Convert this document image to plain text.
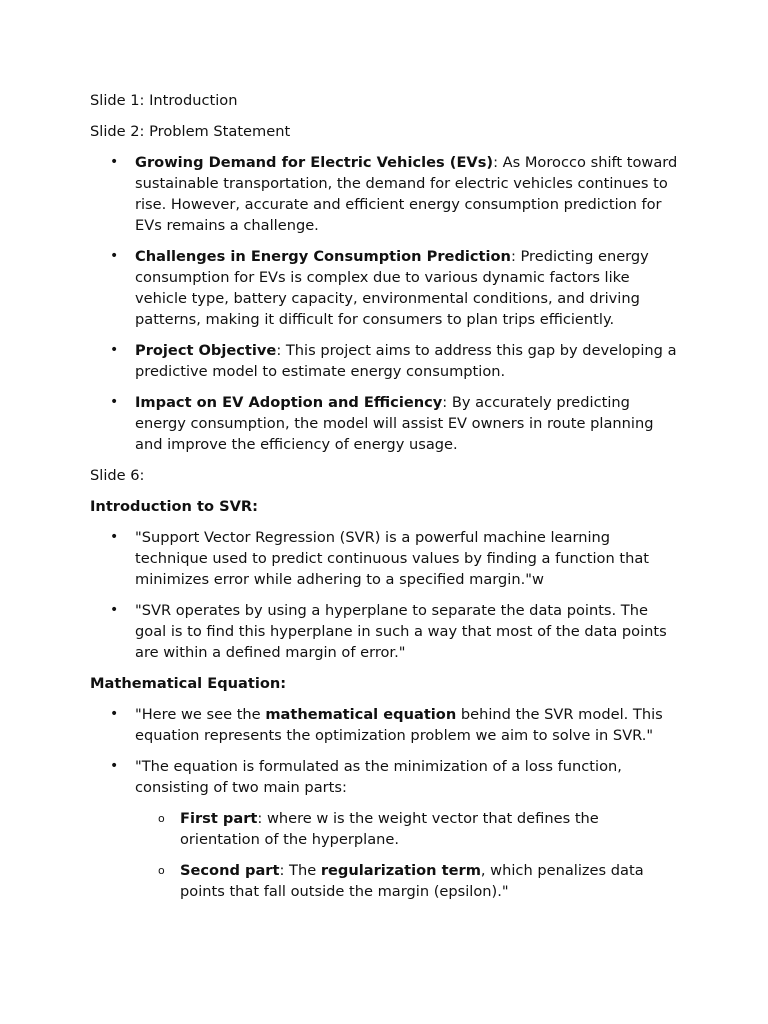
Slide 1: Introduction

Slide 2: Problem Statement

• Growing Demand for Electric Vehicles (EVs): As Morocco shift toward sustainable transportation, the demand for electric vehicles continues to rise. However, accurate and efficient energy consumption prediction for EVs remains a challenge.
• Challenges in Energy Consumption Prediction: Predicting energy consumption for EVs is complex due to various dynamic factors like vehicle type, battery capacity, environmental conditions, and driving patterns, making it difficult for consumers to plan trips efficiently.
• Project Objective: This project aims to address this gap by developing a predictive model to estimate energy consumption.
• Impact on EV Adoption and Efficiency: By accurately predicting energy consumption, the model will assist EV owners in route planning and improve the efficiency of energy usage.

Slide 6:

Introduction to SVR:

• "Support Vector Regression (SVR) is a powerful machine learning technique used to predict continuous values by finding a function that minimizes error while adhering to a specified margin."w
• "SVR operates by using a hyperplane to separate the data points. The goal is to find this hyperplane in such a way that most of the data points are within a defined margin of error."

Mathematical Equation:

• "Here we see the mathematical equation behind the SVR model. This equation represents the optimization problem we aim to solve in SVR."
• "The equation is formulated as the minimization of a loss function, consisting of two main parts:
o First part: where w is the weight vector that defines the orientation of the hyperplane.
o Second part: The regularization term, which penalizes data points that fall outside the margin (epsilon)."
